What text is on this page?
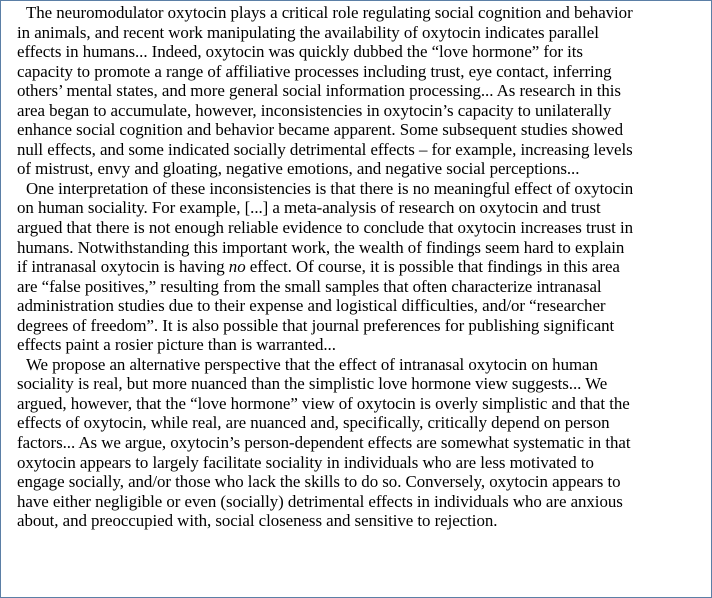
The neuromodulator oxytocin plays a critical role regulating social cognition and behavior
in animals, and recent work manipulating the availability of oxytocin indicates parallel
effects in humans... Indeed, oxytocin was quickly dubbed the “love hormone” for its
capacity to promote a range of affiliative processes including trust, eye contact, inferring
others’ mental states, and more general social information processing... As research in this
area began to accumulate, however, inconsistencies in oxytocin’s capacity to unilaterally
enhance social cognition and behavior became apparent. Some subsequent studies showed
null effects, and some indicated socially detrimental effects – for example, increasing levels
of mistrust, envy and gloating, negative emotions, and negative social perceptions...

One interpretation of these inconsistencies is that there is no meaningful effect of oxytocin
on human sociality. For example, [...] a meta-analysis of research on oxytocin and trust
argued that there is not enough reliable evidence to conclude that oxytocin increases trust in
humans. Notwithstanding this important work, the wealth of findings seem hard to explain
if intranasal oxytocin is having no effect. Of course, it is possible that findings in this area
are “false positives,” resulting from the small samples that often characterize intranasal
administration studies due to their expense and logistical difficulties, and/or “researcher
degrees of freedom”. It is also possible that journal preferences for publishing significant
effects paint a rosier picture than is warranted...

We propose an alternative perspective that the effect of intranasal oxytocin on human
sociality is real, but more nuanced than the simplistic love hormone view suggests... We
argued, however, that the “love hormone” view of oxytocin is overly simplistic and that the
effects of oxytocin, while real, are nuanced and, specifically, critically depend on person
factors... As we argue, oxytocin’s person-dependent effects are somewhat systematic in that
oxytocin appears to largely facilitate sociality in individuals who are less motivated to
engage socially, and/or those who lack the skills to do so. Conversely, oxytocin appears to
have either negligible or even (socially) detrimental effects in individuals who are anxious
about, and preoccupied with, social closeness and sensitive to rejection.
